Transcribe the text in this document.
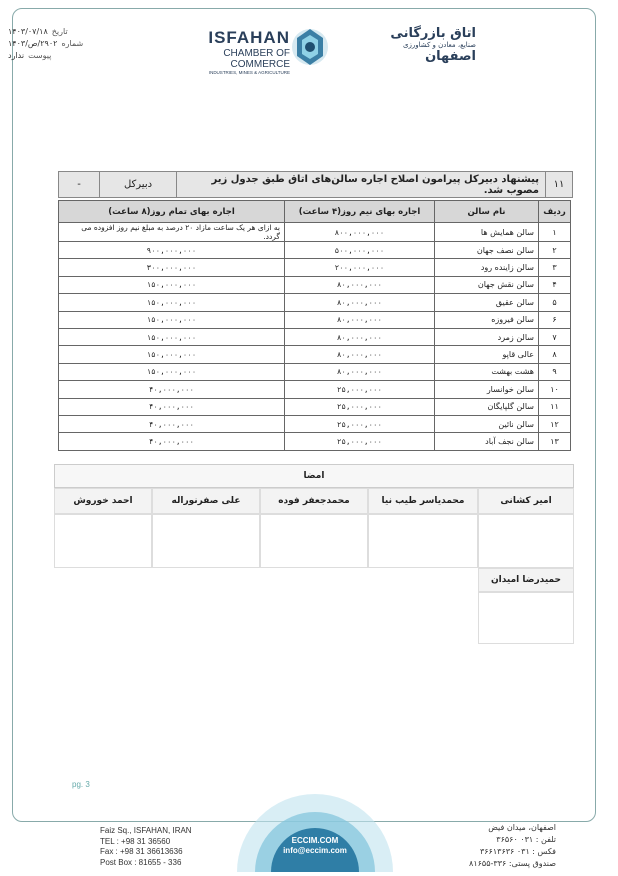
تاریخ
۱۴۰۳/۰۷/۱۸
شماره
۲۹۰۲/ص/۱۴۰۳
پیوست
ندارد
ISFAHAN
CHAMBER OF COMMERCE
INDUSTRIES, MINES & AGRICULTURE
اتاق بازرگانی
صنایع، معادن و کشاورزی
اصفهان
۱۱
پیشنهاد دبیرکل پیرامون اصلاح اجاره سالن‌های اتاق طبق جدول زیر مصوب شد.
دبیرکل
-
ردیف	نام سالن	اجاره بهای نیم روز(۴ ساعت)	اجاره بهای تمام روز(۸ ساعت)
۱	سالن همایش ها	۸۰۰,۰۰۰,۰۰۰	به ازای هر یک ساعت مازاد ۲۰ درصد به مبلغ نیم روز افزوده می گردد.
۲	سالن نصف جهان	۵۰۰,۰۰۰,۰۰۰	۹۰۰,۰۰۰,۰۰۰
۳	سالن زاینده رود	۲۰۰,۰۰۰,۰۰۰	۳۰۰,۰۰۰,۰۰۰
۴	سالن نقش جهان	۸۰,۰۰۰,۰۰۰	۱۵۰,۰۰۰,۰۰۰
۵	سالن عقیق	۸۰,۰۰۰,۰۰۰	۱۵۰,۰۰۰,۰۰۰
۶	سالن فیروزه	۸۰,۰۰۰,۰۰۰	۱۵۰,۰۰۰,۰۰۰
۷	سالن زمرد	۸۰,۰۰۰,۰۰۰	۱۵۰,۰۰۰,۰۰۰
۸	عالی قاپو	۸۰,۰۰۰,۰۰۰	۱۵۰,۰۰۰,۰۰۰
۹	هشت بهشت	۸۰,۰۰۰,۰۰۰	۱۵۰,۰۰۰,۰۰۰
۱۰	سالن خوانسار	۲۵,۰۰۰,۰۰۰	۴۰,۰۰۰,۰۰۰
۱۱	سالن گلپایگان	۲۵,۰۰۰,۰۰۰	۴۰,۰۰۰,۰۰۰
۱۲	سالن نائین	۲۵,۰۰۰,۰۰۰	۴۰,۰۰۰,۰۰۰
۱۳	سالن نجف آباد	۲۵,۰۰۰,۰۰۰	۴۰,۰۰۰,۰۰۰
امضا
امیر کشانی
محمدیاسر طیب نیا
محمدجعفر فوده
علی صفرنوراله
احمد خوروش
حمیدرضا امیدان
pg. 3
ECCIM.COM
info@eccim.com
Faiz Sq., ISFAHAN, IRAN
TEL : +98 31 36560
Fax : +98 31 36613636
Post Box : 81655 - 336
اصفهان، میدان فیض
تلفن : ۰۳۱ ۳۶۵۶۰
فکس : ۰۳۱ ۳۶۶۱۳۶۳۶
صندوق پستی: ۳۳۶-۸۱۶۵۵
